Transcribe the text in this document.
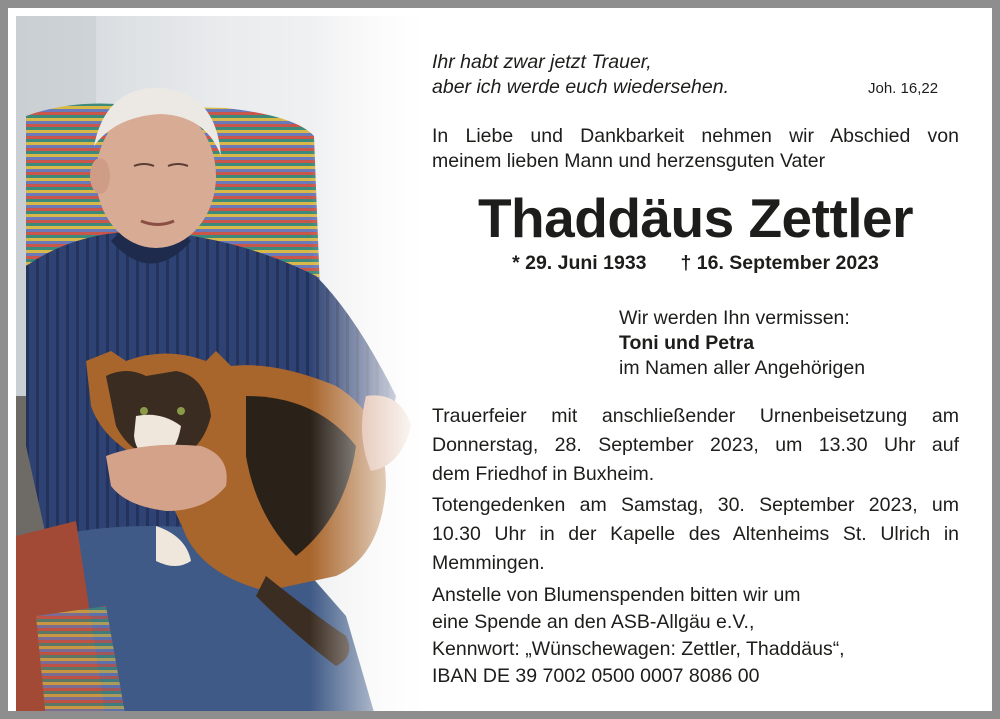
Ihr habt zwar jetzt Trauer,
aber ich werde euch wiedersehen.	Joh. 16,22
In Liebe und Dankbarkeit nehmen wir Abschied von
meinem lieben Mann und herzensguten Vater
Thaddäus Zettler
* 29. Juni 1933 † 16. September 2023
Wir werden Ihn vermissen:
Toni und Petra
im Namen aller Angehörigen
Trauerfeier mit anschließender Urnenbeisetzung am
Donnerstag, 28. September 2023, um 13.30 Uhr auf
dem Friedhof in Buxheim.
Totengedenken am Samstag, 30. September 2023, um
10.30 Uhr in der Kapelle des Altenheims St. Ulrich in
Memmingen.
Anstelle von Blumenspenden bitten wir um
eine Spende an den ASB-Allgäu e.V.,
Kennwort: „Wünschewagen: Zettler, Thaddäus“,
IBAN DE 39 7002 0500 0007 8086 00
